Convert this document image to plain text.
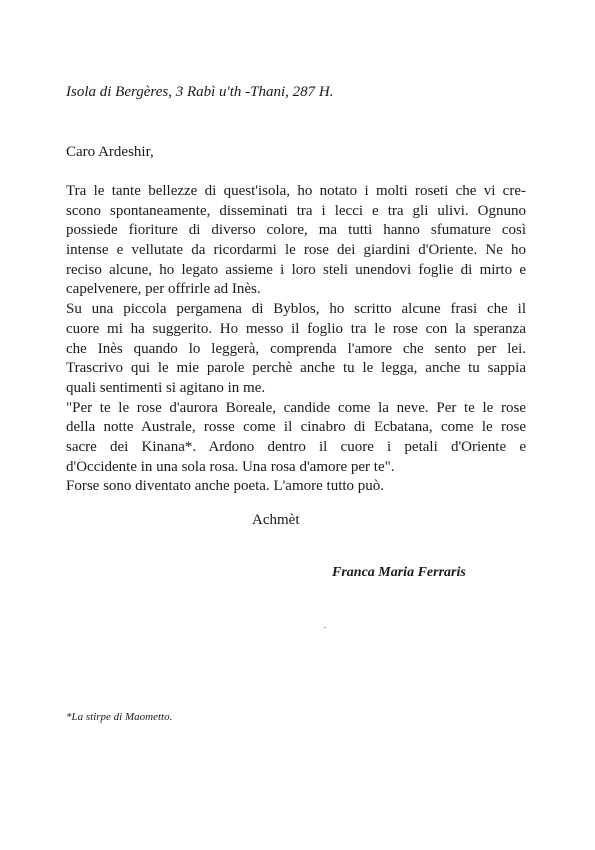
Isola di Bergères, 3 Rabì u'th -Thani, 287 H.
Caro Ardeshir,
Tra le tante bellezze di quest'isola, ho notato i molti roseti che vi cre-
scono spontaneamente, disseminati tra i lecci e tra gli ulivi. Ognuno
possiede fioriture di diverso colore, ma tutti hanno sfumature così
intense e vellutate da ricordarmi le rose dei giardini d'Oriente. Ne ho
reciso alcune, ho legato assieme i loro steli unendovi foglie di mirto e
capelvenere, per offrirle ad Inès.
Su una piccola pergamena di Byblos, ho scritto alcune frasi che il
cuore mi ha suggerito. Ho messo il foglio tra le rose con la speranza
che Inès quando lo leggerà, comprenda l'amore che sento per lei.
Trascrivo qui le mie parole perchè anche tu le legga, anche tu sappia
quali sentimenti si agitano in me.
"Per te le rose d'aurora Boreale, candide come la neve. Per te le rose
della notte Australe, rosse come il cinabro di Ecbatana, come le rose
sacre dei Kinana*. Ardono dentro il cuore i petali d'Oriente e
d'Occidente in una sola rosa. Una rosa d'amore per te".
Forse sono diventato anche poeta. L'amore tutto può.
Achmèt
Franca Maria Ferraris
*La stirpe di Maometto.
